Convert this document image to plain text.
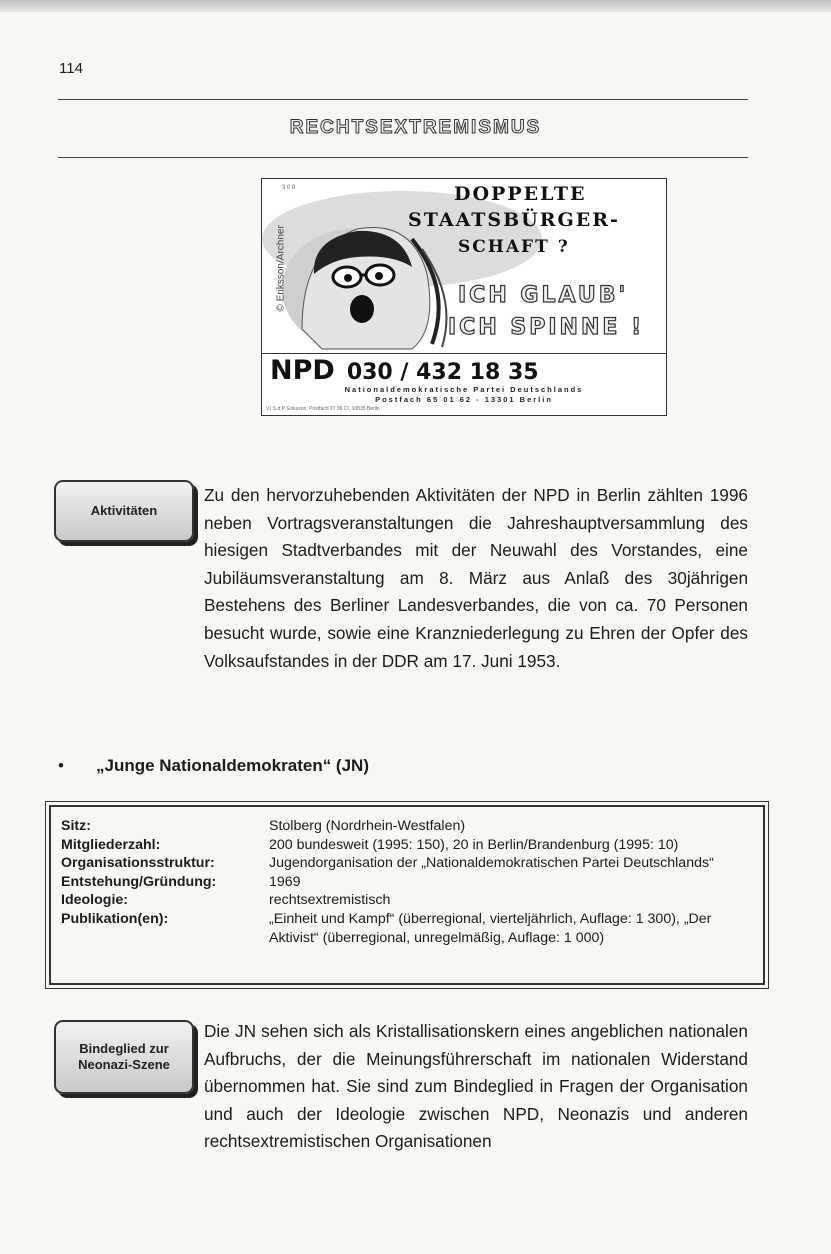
114
RECHTSEXTREMISMUS
© Eriksson/Archner
3 0 0	DOPPELTE
STAATSBÜRGER-
SCHAFT ?
ICH GLAUB'
ICH SPINNE !
NPD 030 / 432 18 35
Nationaldemokratische Partei Deutschlands
Postfach 65 01 62 - 13301 Berlin
V.i.S.d.P. Eriksson, Postfach 27 36 CI, 10835 Berlin
Aktivitäten
Zu den hervorzuhebenden Aktivitäten der NPD in Berlin zählten 1996 neben Vortragsveranstaltungen die Jahreshauptversammlung des hiesigen Stadtverbandes mit der Neuwahl des Vorstandes, eine Jubiläumsveranstaltung am 8. März aus Anlaß des 30jährigen Bestehens des Berliner Landesverbandes, die von ca. 70 Personen besucht wurde, sowie eine Kranzniederlegung zu Ehren der Opfer des Volksaufstandes in der DDR am 17. Juni 1953.
• „Junge Nationaldemokraten“ (JN)
Sitz:	Stolberg (Nordrhein-Westfalen)
Mitgliederzahl:	200 bundesweit (1995: 150), 20 in Berlin/Brandenburg (1995: 10)
Organisationsstruktur:	Jugendorganisation der „Nationaldemokratischen Partei Deutschlands“
Entstehung/Gründung:	1969
Ideologie:	rechtsextremistisch
Publikation(en):	„Einheit und Kampf“ (überregional, vierteljährlich, Auflage: 1 300), „Der Aktivist“ (überregional, unregelmäßig, Auflage: 1 000)
Bindeglied zur
Neonazi-Szene
Die JN sehen sich als Kristallisationskern eines angeblichen nationalen Aufbruchs, der die Meinungsführerschaft im nationalen Widerstand übernommen hat. Sie sind zum Bindeglied in Fragen der Organisation und auch der Ideologie zwischen NPD, Neonazis und anderen rechtsextremistischen Organisationen
